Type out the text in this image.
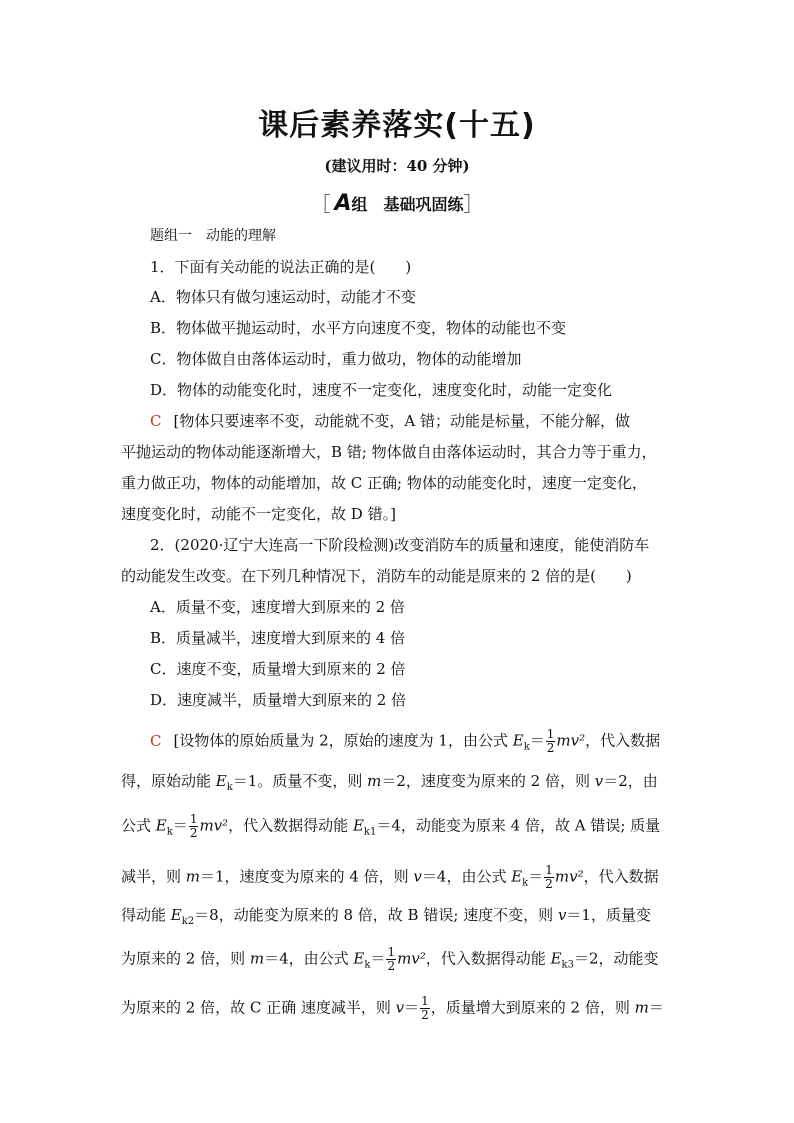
课后素养落实(十五)
(建议用时：40 分钟)
［ A组　基础巩固练］
题组一　动能的理解
1．下面有关动能的说法正确的是(　　)
A．物体只有做匀速运动时，动能才不变
B．物体做平抛运动时，水平方向速度不变，物体的动能也不变
C．物体做自由落体运动时，重力做功，物体的动能增加
D．物体的动能变化时，速度不一定变化，速度变化时，动能一定变化
C [物体只要速率不变，动能就不变，A 错；动能是标量，不能分解，做
平抛运动的物体动能逐渐增大，B 错; 物体做自由落体运动时，其合力等于重力，
重力做正功，物体的动能增加，故 C 正确; 物体的动能变化时，速度一定变化，
速度变化时，动能不一定变化，故 D 错。]
2．(2020·辽宁大连高一下阶段检测)改变消防车的质量和速度，能使消防车
的动能发生改变。在下列几种情况下，消防车的动能是原来的 2 倍的是(　　)
A．质量不变，速度增大到原来的 2 倍
B．质量减半，速度增大到原来的 4 倍
C．速度不变，质量增大到原来的 2 倍
D．速度减半，质量增大到原来的 2 倍
C [设物体的原始质量为 2，原始的速度为 1，由公式 $E_k= \frac{1}{2} mv^2$，代入数据
得，原始动能 $E_k=1$。质量不变，则 m＝2，速度变为原来的 2 倍，则 v＝2，由
公式 $E_k= \frac{1}{2} mv^2$，代入数据得动能 $E_{k1}=4$，动能变为原来 4 倍，故 A 错误; 质量
减半，则 m＝1，速度变为原来的 4 倍，则 v＝4，由公式 $E_k= \frac{1}{2} mv^2$，代入数据
得动能 $E_{k2}=8$，动能变为原来的 8 倍，故 B 错误; 速度不变，则 v＝1，质量变
为原来的 2 倍，则 m＝4，由公式 $E_k= \frac{1}{2} mv^2$，代入数据得动能 $E_{k3}=2$，动能变
为原来的 2 倍，故 C 正确 速度减半，则 $v= \frac{1}{2}$ ，质量增大到原来的 2 倍，则 m＝
